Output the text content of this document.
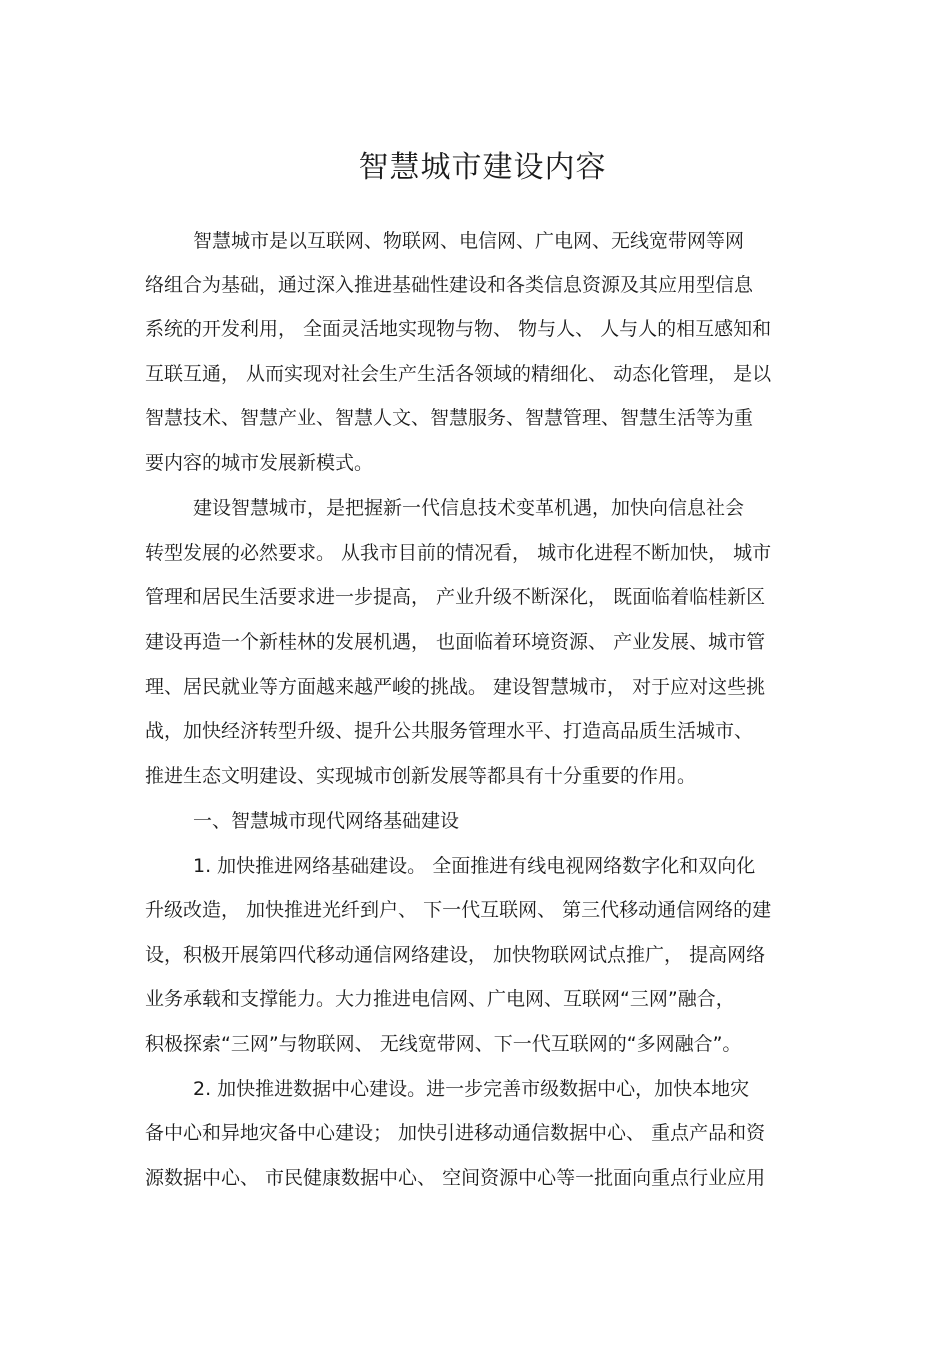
智慧城市建设内容
智慧城市是以互联网、物联网、电信网、广电网、无线宽带网等网
络组合为基础，通过深入推进基础性建设和各类信息资源及其应用型信息
系统的开发利用， 全面灵活地实现物与物、 物与人、 人与人的相互感知和
互联互通， 从而实现对社会生产生活各领域的精细化、 动态化管理， 是以
智慧技术、智慧产业、智慧人文、智慧服务、智慧管理、智慧生活等为重
要内容的城市发展新模式。
建设智慧城市，是把握新一代信息技术变革机遇，加快向信息社会
转型发展的必然要求。 从我市目前的情况看， 城市化进程不断加快， 城市
管理和居民生活要求进一步提高， 产业升级不断深化， 既面临着临桂新区
建设再造一个新桂林的发展机遇， 也面临着环境资源、 产业发展、城市管
理、居民就业等方面越来越严峻的挑战。 建设智慧城市， 对于应对这些挑
战，加快经济转型升级、提升公共服务管理水平、打造高品质生活城市、
推进生态文明建设、实现城市创新发展等都具有十分重要的作用。
一、智慧城市现代网络基础建设
1. 加快推进网络基础建设。 全面推进有线电视网络数字化和双向化
升级改造， 加快推进光纤到户、 下一代互联网、 第三代移动通信网络的建
设，积极开展第四代移动通信网络建设， 加快物联网试点推广， 提高网络
业务承载和支撑能力。大力推进电信网、广电网、互联网“三网”融合，
积极探索“三网”与物联网、 无线宽带网、下一代互联网的“多网融合”。
2. 加快推进数据中心建设。进一步完善市级数据中心，加快本地灾
备中心和异地灾备中心建设； 加快引进移动通信数据中心、 重点产品和资
源数据中心、 市民健康数据中心、 空间资源中心等一批面向重点行业应用
